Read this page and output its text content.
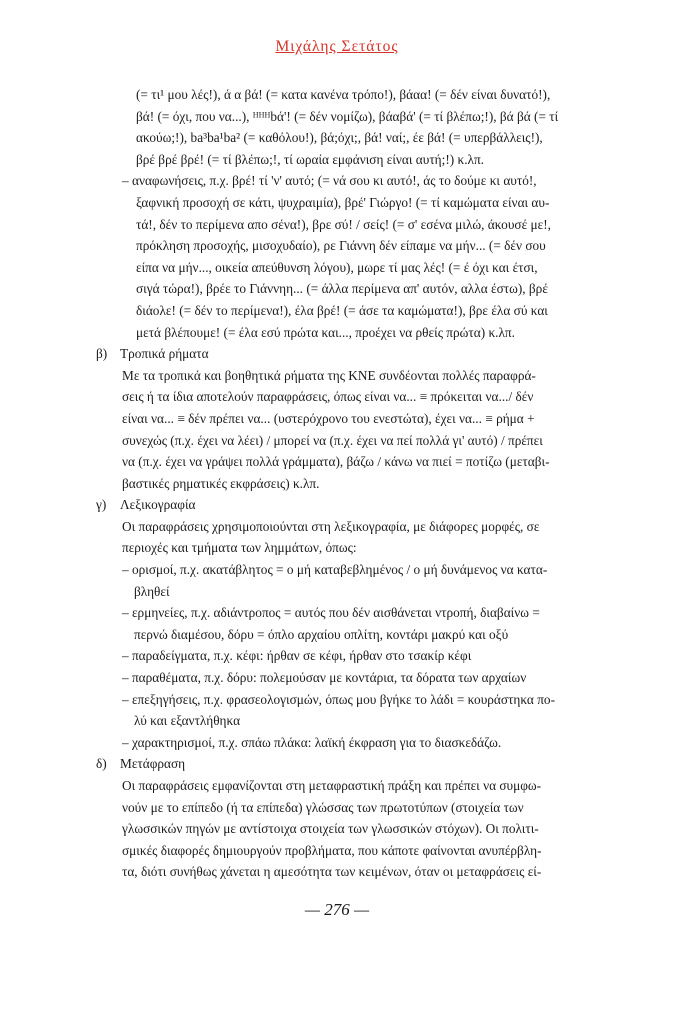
Μιχάλης Σετάτος
(= τι¹ μου λές!), ά α βά! (= κατα κανένα τρόπο!), βάαα! (= δέν είναι δυνατό!),
βά! (= όχι, που να...), ᴴᴴᴴbά'! (= δέν νομίζω), βάαβά' (= τί βλέπω;!), βά βά (= τί
ακούω;!), ba³ba¹ba² (= καθόλου!), βά;όχι;, βά! ναί;, έε βά! (= υπερβάλλεις!),
βρέ βρέ βρέ! (= τί βλέπω;!, τί ωραία εμφάνιση είναι αυτή;!) κ.λπ.
– αναφωνήσεις, π.χ. βρέ! τί 'ν' αυτό; (= νά σου κι αυτό!, άς το δούμε κι αυτό!,
ξαφνική προσοχή σε κάτι, ψυχραιμία), βρέ' Γιώργο! (= τί καμώματα είναι αυ-
τά!, δέν το περίμενα απο σένα!), βρε σύ! / σείς! (= σ' εσένα μιλώ, άκουσέ με!,
πρόκληση προσοχής, μισοχυδαίο), ρε Γιάννη δέν είπαμε να μήν... (= δέν σου
είπα να μήν..., οικεία απεύθυνση λόγου), μωρε τί μας λές! (= έ όχι και έτσι,
σιγά τώρα!), βρέε το Γιάννηη... (= άλλα περίμενα απ' αυτόν, αλλα έστω), βρέ
διάολε! (= δέν το περίμενα!), έλα βρέ! (= άσε τα καμώματα!), βρε έλα σύ και
μετά βλέπουμε! (= έλα εσύ πρώτα και..., προέχει να ρθείς πρώτα) κ.λπ.
β) Τροπικά ρήματα
Με τα τροπικά και βοηθητικά ρήματα της ΚΝΕ συνδέονται πολλές παραφρά-
σεις ή τα ίδια αποτελούν παραφράσεις, όπως είναι να... ≡ πρόκειται να.../ δέν
είναι να... ≡ δέν πρέπει να... (υστερόχρονο του ενεστώτα), έχει να... ≡ ρήμα +
συνεχώς (π.χ. έχει να λέει) / μπορεί να (π.χ. έχει να πεί πολλά γι' αυτό) / πρέπει
να (π.χ. έχει να γράψει πολλά γράμματα), βάζω / κάνω να πιεί = ποτίζω (μεταβι-
βαστικές ρηματικές εκφράσεις) κ.λπ.
γ) Λεξικογραφία
Οι παραφράσεις χρησιμοποιούνται στη λεξικογραφία, με διάφορες μορφές, σε
περιοχές και τμήματα των λημμάτων, όπως:
– ορισμοί, π.χ. ακατάβλητος = ο μή καταβεβλημένος / ο μή δυνάμενος να κατα-
βληθεί
– ερμηνείες, π.χ. αδιάντροπος = αυτός που δέν αισθάνεται ντροπή, διαβαίνω =
περνώ διαμέσου, δόρυ = όπλο αρχαίου οπλίτη, κοντάρι μακρύ και οξύ
– παραδείγματα, π.χ. κέφι: ήρθαν σε κέφι, ήρθαν στο τσακίρ κέφι
– παραθέματα, π.χ. δόρυ: πολεμούσαν με κοντάρια, τα δόρατα των αρχαίων
– επεξηγήσεις, π.χ. φρασεολογισμών, όπως μου βγήκε το λάδι = κουράστηκα πο-
λύ και εξαντλήθηκα
– χαρακτηρισμοί, π.χ. σπάω πλάκα: λαϊκή έκφραση για το διασκεδάζω.
δ) Μετάφραση
Οι παραφράσεις εμφανίζονται στη μεταφραστική πράξη και πρέπει να συμφω-
νούν με το επίπεδο (ή τα επίπεδα) γλώσσας των πρωτοτύπων (στοιχεία των
γλωσσικών πηγών με αντίστοιχα στοιχεία των γλωσσικών στόχων). Οι πολιτι-
σμικές διαφορές δημιουργούν προβλήματα, που κάποτε φαίνονται ανυπέρβλη-
τα, διότι συνήθως χάνεται η αμεσότητα των κειμένων, όταν οι μεταφράσεις εί-
— 276 —
